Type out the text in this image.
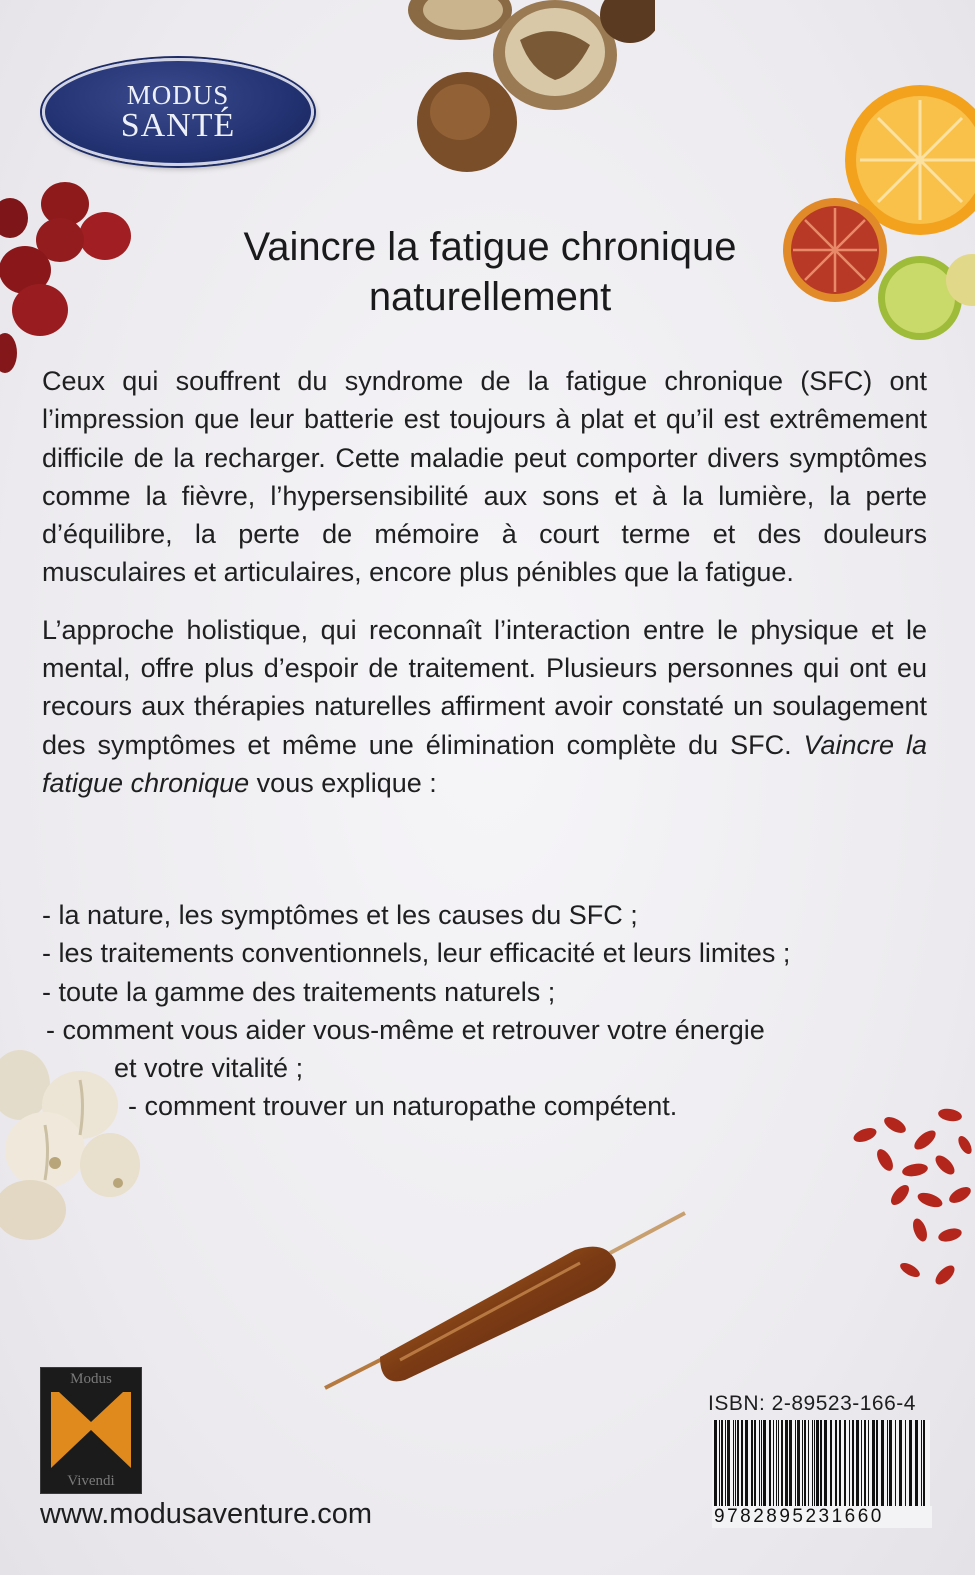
MODUS
SANTÉ
Vaincre la fatigue chronique
naturellement

Ceux qui souffrent du syndrome de la fatigue chronique (SFC) ont l’impression que leur batterie est toujours à plat et qu’il est extrêmement difficile de la recharger. Cette maladie peut comporter divers symptômes comme la fièvre, l’hypersensibilité aux sons et à la lumière, la perte d’équilibre, la perte de mémoire à court terme et des douleurs musculaires et articulaires, encore plus pénibles que la fatigue.

L’approche holistique, qui reconnaît l’interaction entre le physique et le mental, offre plus d’espoir de traitement. Plusieurs personnes qui ont eu recours aux thérapies naturelles affirment avoir constaté un soulagement des symptômes et même une élimination complète du SFC. Vaincre la fatigue chronique vous explique :

- la nature, les symptômes et les causes du SFC ;
- les traitements conventionnels, leur efficacité et leurs limites ;
- toute la gamme des traitements naturels ;
- comment vous aider vous-même et retrouver votre énergie
et votre vitalité ;
- comment trouver un naturopathe compétent.
Modus
Vivendi
www.modusaventure.com
ISBN: 2-89523-166-4
9782895231660
